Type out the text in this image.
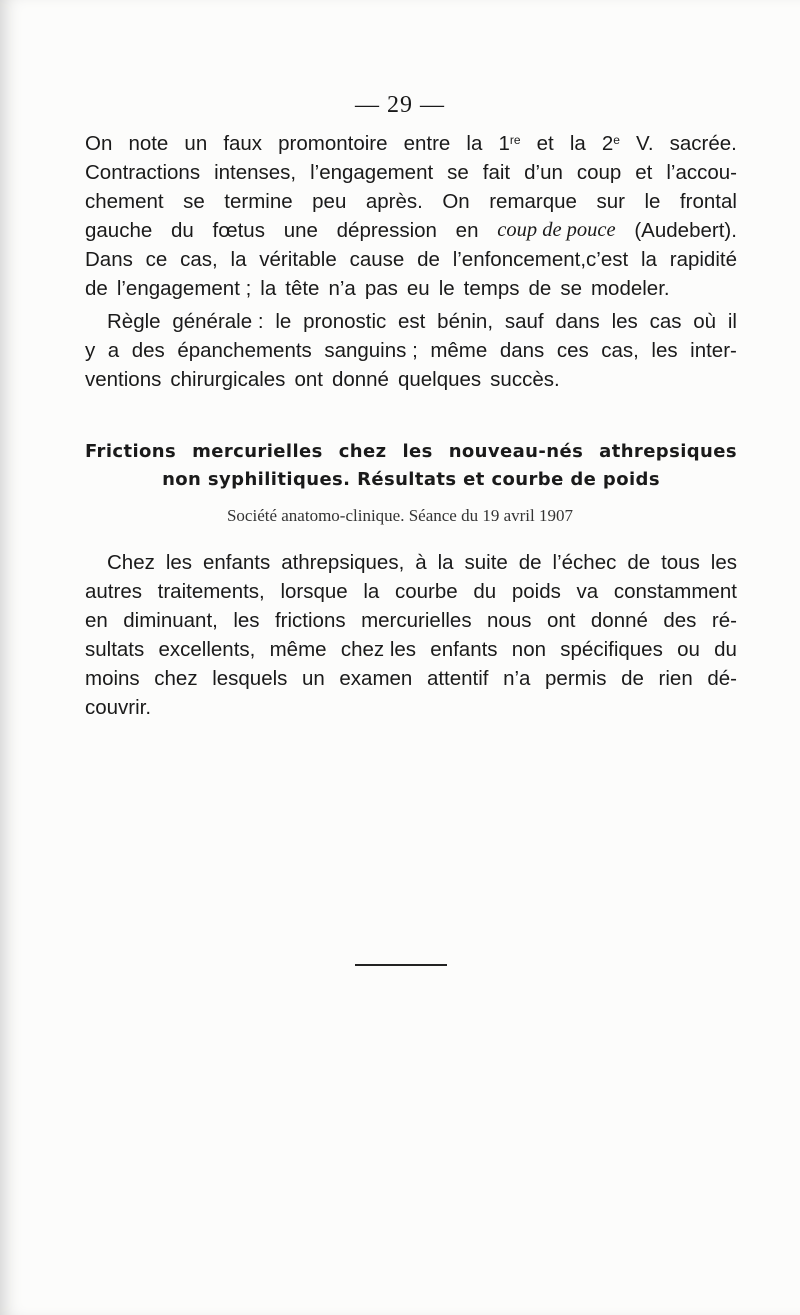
— 29 —
On note un faux promontoire entre la 1re et la 2e V. sacrée.
Contractions intenses, l’engagement se fait d’un coup et l’accou-
chement se termine peu après. On remarque sur le frontal
gauche du fœtus une dépression en coup de pouce (Audebert).
Dans ce cas, la véritable cause de l’enfoncement,c’est la rapidité
de l’engagement ; la tête n’a pas eu le temps de se modeler.
Règle générale : le pronostic est bénin, sauf dans les cas où il
y a des épanchements sanguins ; même dans ces cas, les inter-
ventions chirurgicales ont donné quelques succès.
Frictions mercurielles chez les nouveau-nés athrepsiques
non syphilitiques. Résultats et courbe de poids
Société anatomo-clinique. Séance du 19 avril 1907
Chez les enfants athrepsiques, à la suite de l’échec de tous les
autres traitements, lorsque la courbe du poids va constamment
en diminuant, les frictions mercurielles nous ont donné des ré-
sultats excellents, même chez les enfants non spécifiques ou du
moins chez lesquels un examen attentif n’a permis de rien dé-
couvrir.
